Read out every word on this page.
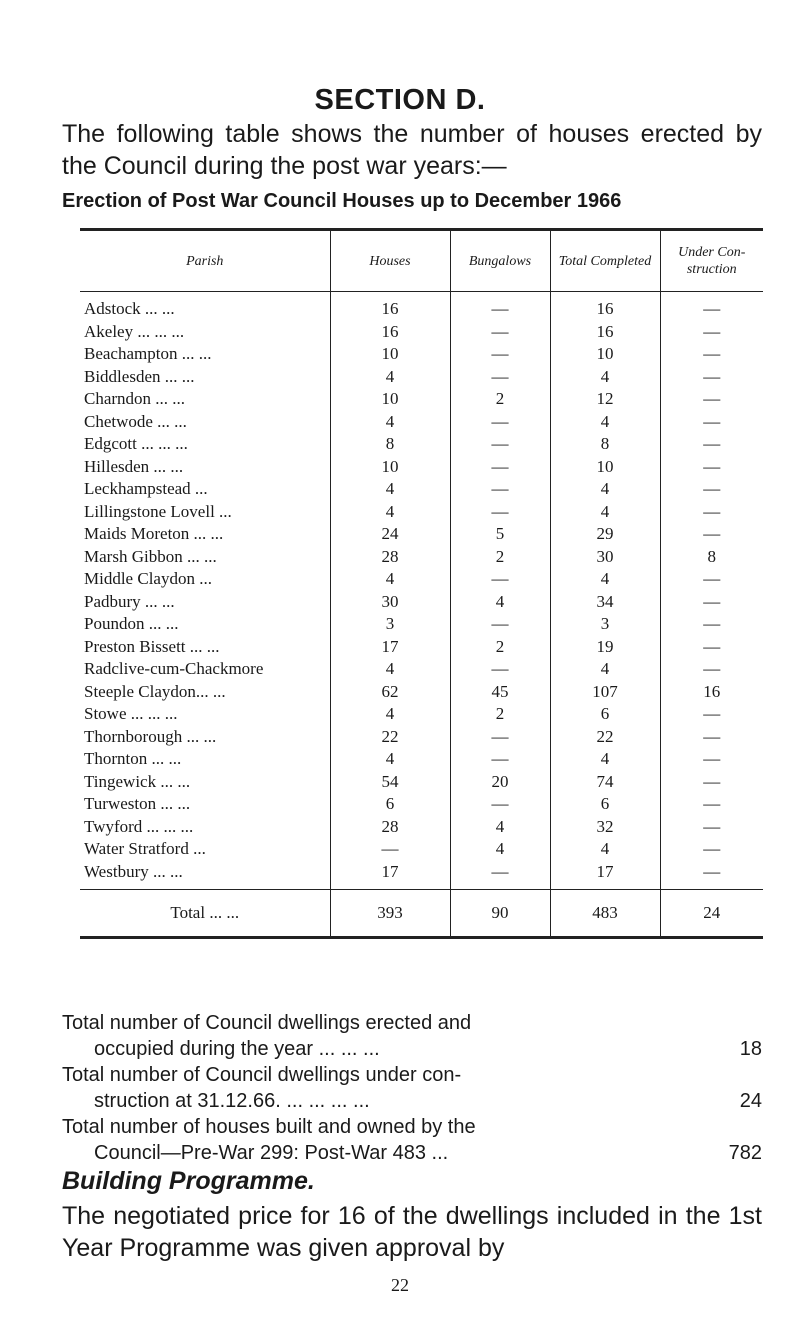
SECTION D.
The following table shows the number of houses erected by the Council during the post war years:—
Erection of Post War Council Houses up to December 1966
Parish	Houses	Bungalows	Total Completed	Under Con- struction
Adstock ... ...	16	—	16	—
Akeley ... ... ...	16	—	16	—
Beachampton ... ...	10	—	10	—
Biddlesden ... ...	4	—	4	—
Charndon ... ...	10	2	12	—
Chetwode ... ...	4	—	4	—
Edgcott ... ... ...	8	—	8	—
Hillesden ... ...	10	—	10	—
Leckhampstead ...	4	—	4	—
Lillingstone Lovell ...	4	—	4	—
Maids Moreton ... ...	24	5	29	—
Marsh Gibbon ... ...	28	2	30	8
Middle Claydon ...	4	—	4	—
Padbury ... ...	30	4	34	—
Poundon ... ...	3	—	3	—
Preston Bissett ... ...	17	2	19	—
Radclive-cum-Chackmore	4	—	4	—
Steeple Claydon... ...	62	45	107	16
Stowe ... ... ...	4	2	6	—
Thornborough ... ...	22	—	22	—
Thornton ... ...	4	—	4	—
Tingewick ... ...	54	20	74	—
Turweston ... ...	6	—	6	—
Twyford ... ... ...	28	4	32	—
Water Stratford ...	—	4	4	—
Westbury ... ...	17	—	17	—
Total ... ...	393	90	483	24
Total number of Council dwellings erected and
occupied during the year ... ... ...	18
Total number of Council dwellings under con-
struction at 31.12.66. ... ... ... ...	24
Total number of houses built and owned by the
Council—Pre-War 299: Post-War 483 ...	782
Building Programme.
The negotiated price for 16 of the dwellings included in the 1st Year Programme was given approval by
22
